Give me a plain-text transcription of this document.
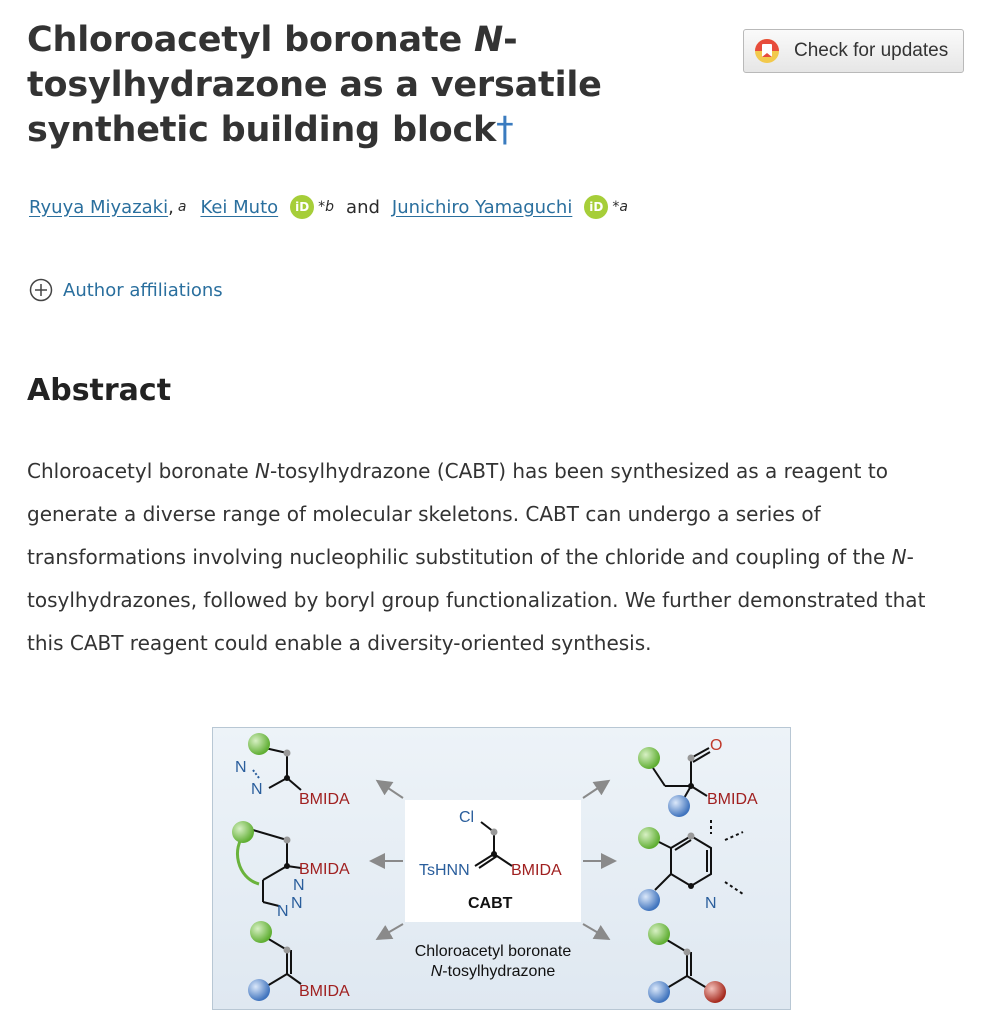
Chloroacetyl boronate N-
tosylhydrazone as a versatile
synthetic building block†
Check for updates
Ryuya Miyazaki , a Kei Muto	iD *b and Junichiro Yamaguchi	iD *a
Author affiliations
Abstract

Chloroacetyl boronate N-tosylhydrazone (CABT) has been synthesized as a reagent to generate a diverse range of molecular skeletons. CABT can undergo a series of transformations involving nucleophilic substitution of the chloride and coupling of the N-tosylhydrazones, followed by boryl group functionalization. We further demonstrated that this CABT reagent could enable a diversity-oriented synthesis.

Cl
TsHNN	BMIDA
CABT
Chloroacetyl boronate
N-tosylhydrazone
N
N
BMIDA
BMIDA
N
N
N
BMIDA
O
BMIDA
N
